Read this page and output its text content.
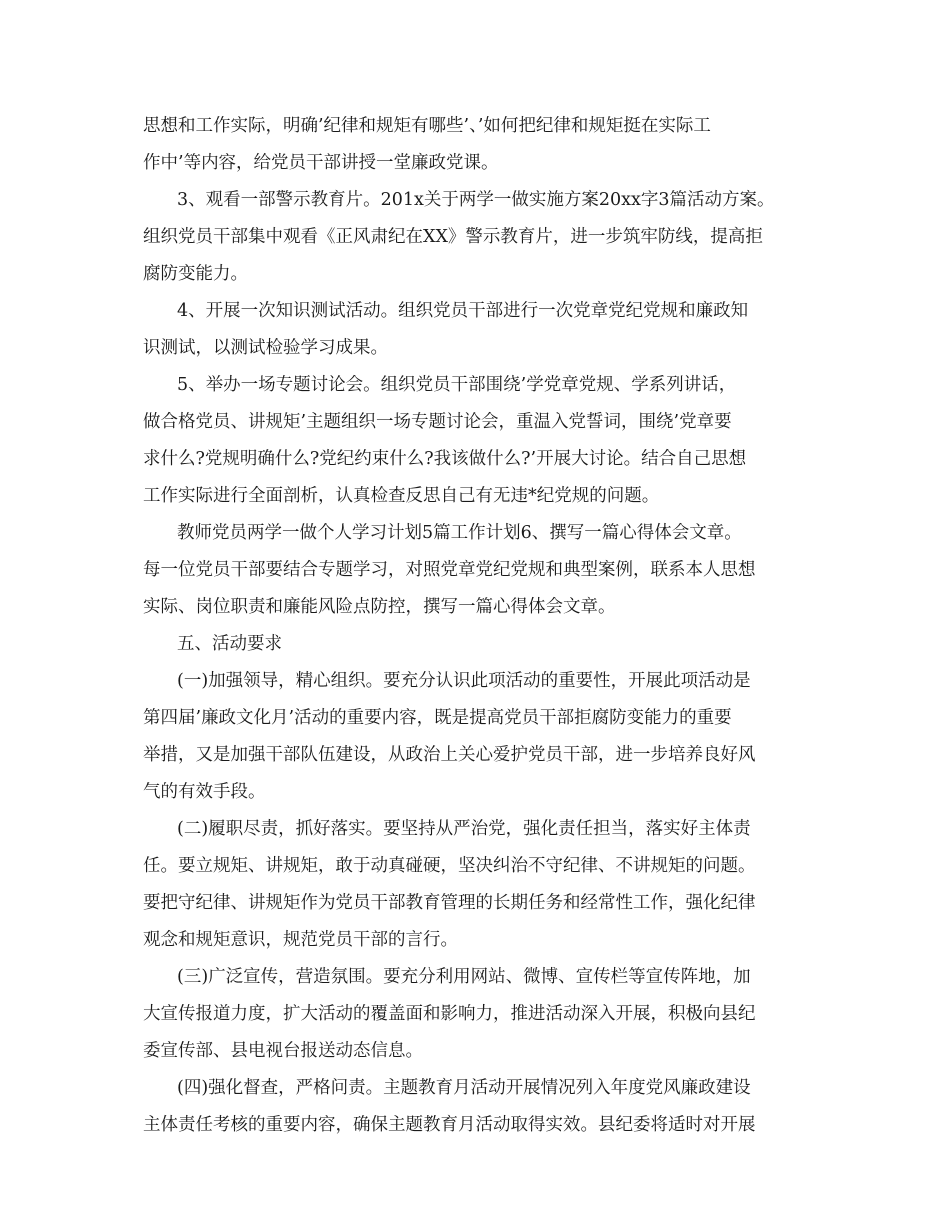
思想和工作实际，明确’纪律和规矩有哪些’、’如何把纪律和规矩挺在实际工
作中’等内容，给党员干部讲授一堂廉政党课。
3、观看一部警示教育片。201x关于两学一做实施方案20xx字3篇活动方案。
组织党员干部集中观看《正风肃纪在XX》警示教育片，进一步筑牢防线，提高拒
腐防变能力。
4、开展一次知识测试活动。组织党员干部进行一次党章党纪党规和廉政知
识测试，以测试检验学习成果。
5、举办一场专题讨论会。组织党员干部围绕’学党章党规、学系列讲话，
做合格党员、讲规矩’主题组织一场专题讨论会，重温入党誓词，围绕’党章要
求什么?党规明确什么?党纪约束什么?我该做什么?’开展大讨论。结合自己思想
工作实际进行全面剖析，认真检查反思自己有无违*纪党规的问题。
教师党员两学一做个人学习计划5篇工作计划6、撰写一篇心得体会文章。
每一位党员干部要结合专题学习，对照党章党纪党规和典型案例，联系本人思想
实际、岗位职责和廉能风险点防控，撰写一篇心得体会文章。
五、活动要求
(一)加强领导，精心组织。要充分认识此项活动的重要性，开展此项活动是
第四届’廉政文化月’活动的重要内容，既是提高党员干部拒腐防变能力的重要
举措，又是加强干部队伍建设，从政治上关心爱护党员干部，进一步培养良好风
气的有效手段。
(二)履职尽责，抓好落实。要坚持从严治党，强化责任担当，落实好主体责
任。要立规矩、讲规矩，敢于动真碰硬，坚决纠治不守纪律、不讲规矩的问题。
要把守纪律、讲规矩作为党员干部教育管理的长期任务和经常性工作，强化纪律
观念和规矩意识，规范党员干部的言行。
(三)广泛宣传，营造氛围。要充分利用网站、微博、宣传栏等宣传阵地，加
大宣传报道力度，扩大活动的覆盖面和影响力，推进活动深入开展，积极向县纪
委宣传部、县电视台报送动态信息。
(四)强化督查，严格问责。主题教育月活动开展情况列入年度党风廉政建设
主体责任考核的重要内容，确保主题教育月活动取得实效。县纪委将适时对开展
